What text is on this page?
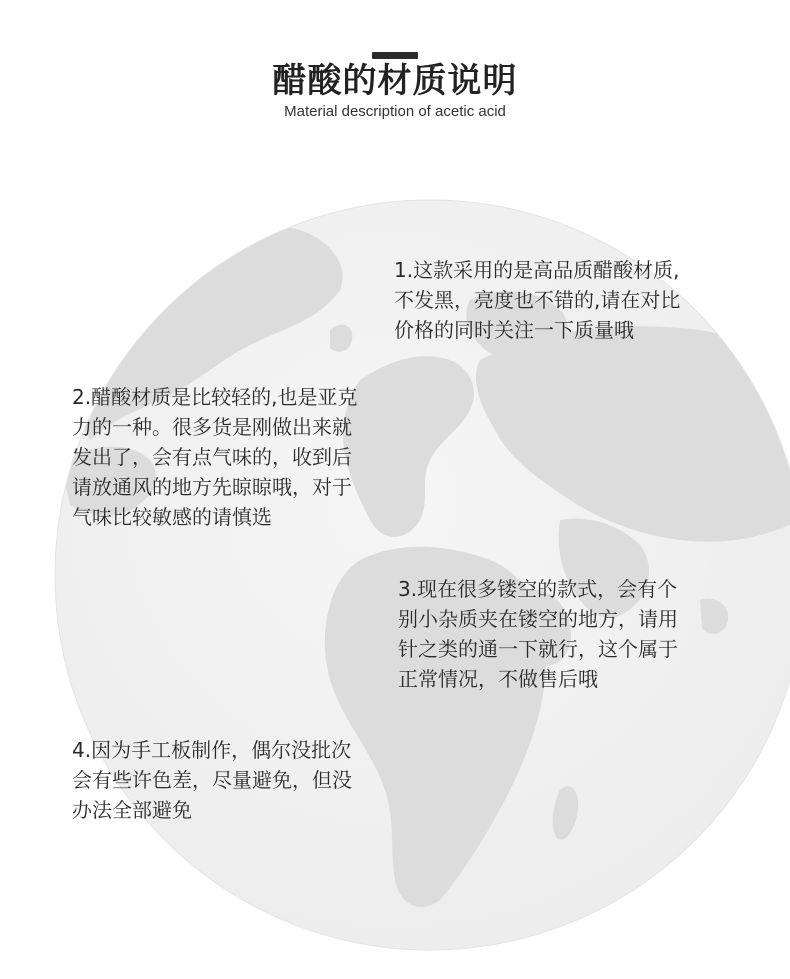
醋酸的材质说明
Material description of acetic acid
1.这款采用的是高品质醋酸材质,
不发黑，亮度也不错的,请在对比
价格的同时关注一下质量哦
2.醋酸材质是比较轻的,也是亚克
力的一种。很多货是刚做出来就
发出了，会有点气味的，收到后
请放通风的地方先晾晾哦，对于
气味比较敏感的请慎选
3.现在很多镂空的款式，会有个
别小杂质夹在镂空的地方，请用
针之类的通一下就行，这个属于
正常情况，不做售后哦
4.因为手工板制作，偶尔没批次
会有些许色差，尽量避免，但没
办法全部避免
